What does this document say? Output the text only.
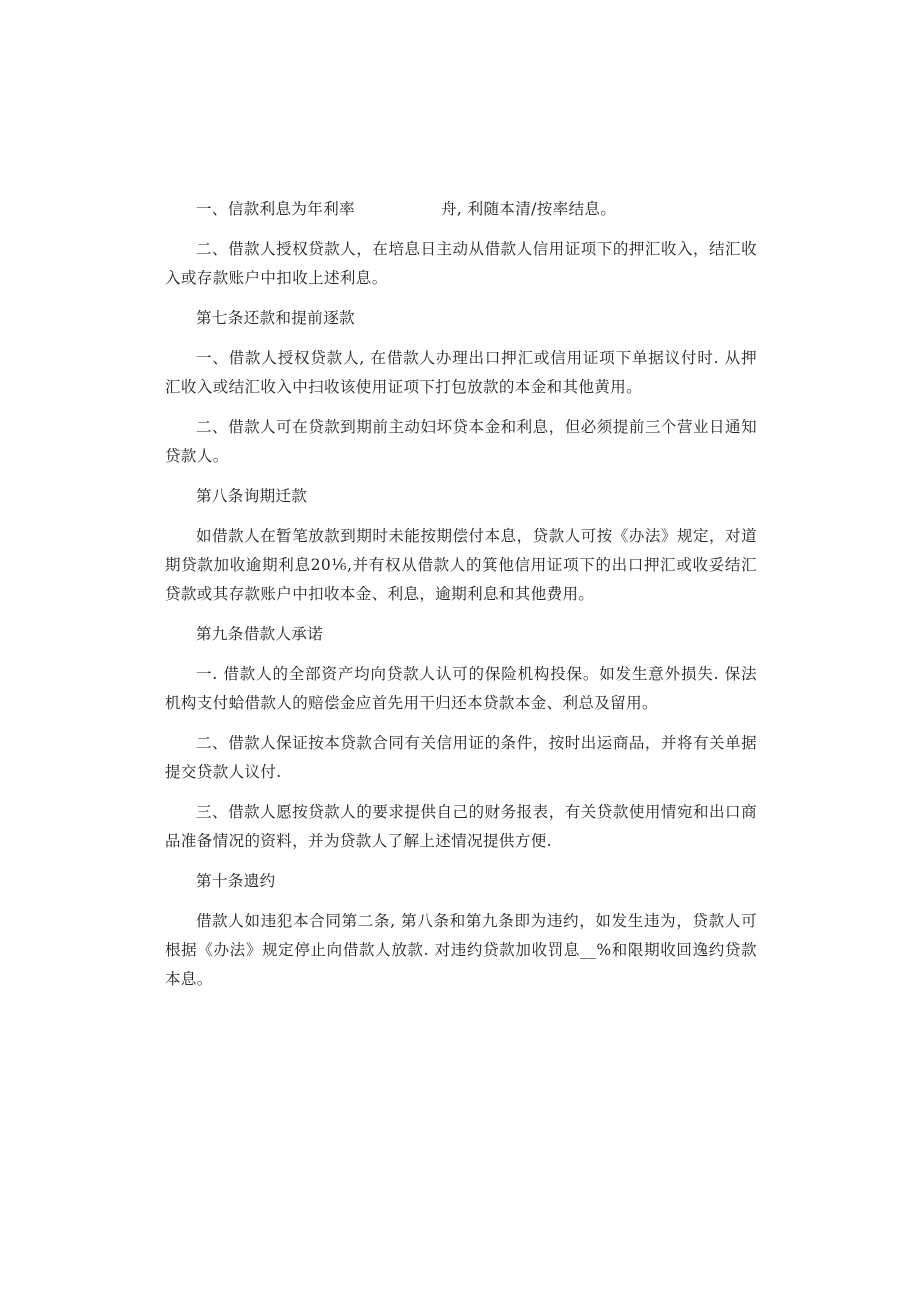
一、信款利息为年利率	舟, 利随本清/按率结息。

二、借款人授权贷款人，在培息日主动从借款人信用证项下的押汇收入，结汇收入或存款账户中扣收上述利息。

第七条还款和提前逐款

一、借款人授权贷款人, 在借款人办理出口押汇或信用证项下单据议付时. 从押汇收入或结汇收入中扫收该使用证项下打包放款的本金和其他黄用。

二、借款人可在贷款到期前主动妇坏贷本金和利息，但必须提前三个营业日通知贷款人。

第八条询期迁款

如借款人在暂笔放款到期时未能按期偿付本息，贷款人可按《办法》规定，对道期贷款加收逾期利息20⅙,并有权从借款人的箕他信用证项下的出口押汇或收妥结汇贷款或其存款账户中扣收本金、利息，逾期利息和其他费用。

第九条借款人承诺

一. 借款人的全部资产均向贷款人认可的保险机构投保。如发生意外损失. 保法机构支付蛤借款人的赔偿金应首先用干归还本贷款本金、利总及留用。

二、借款人保证按本贷款合同有关信用证的条件，按时出运商品，并将有关单据提交贷款人议付.

三、借款人愿按贷款人的要求提供自己的财务报表，有关贷款使用情宛和出口商品准备情况的资料，并为贷款人了解上述情况提供方便.

第十条遗约

借款人如违犯本合同第二条, 第八条和第九条即为违约，如发生违为，贷款人可根据《办法》规定停止向借款人放款. 对违约贷款加收罚息__%和限期收回逸约贷款本息。
